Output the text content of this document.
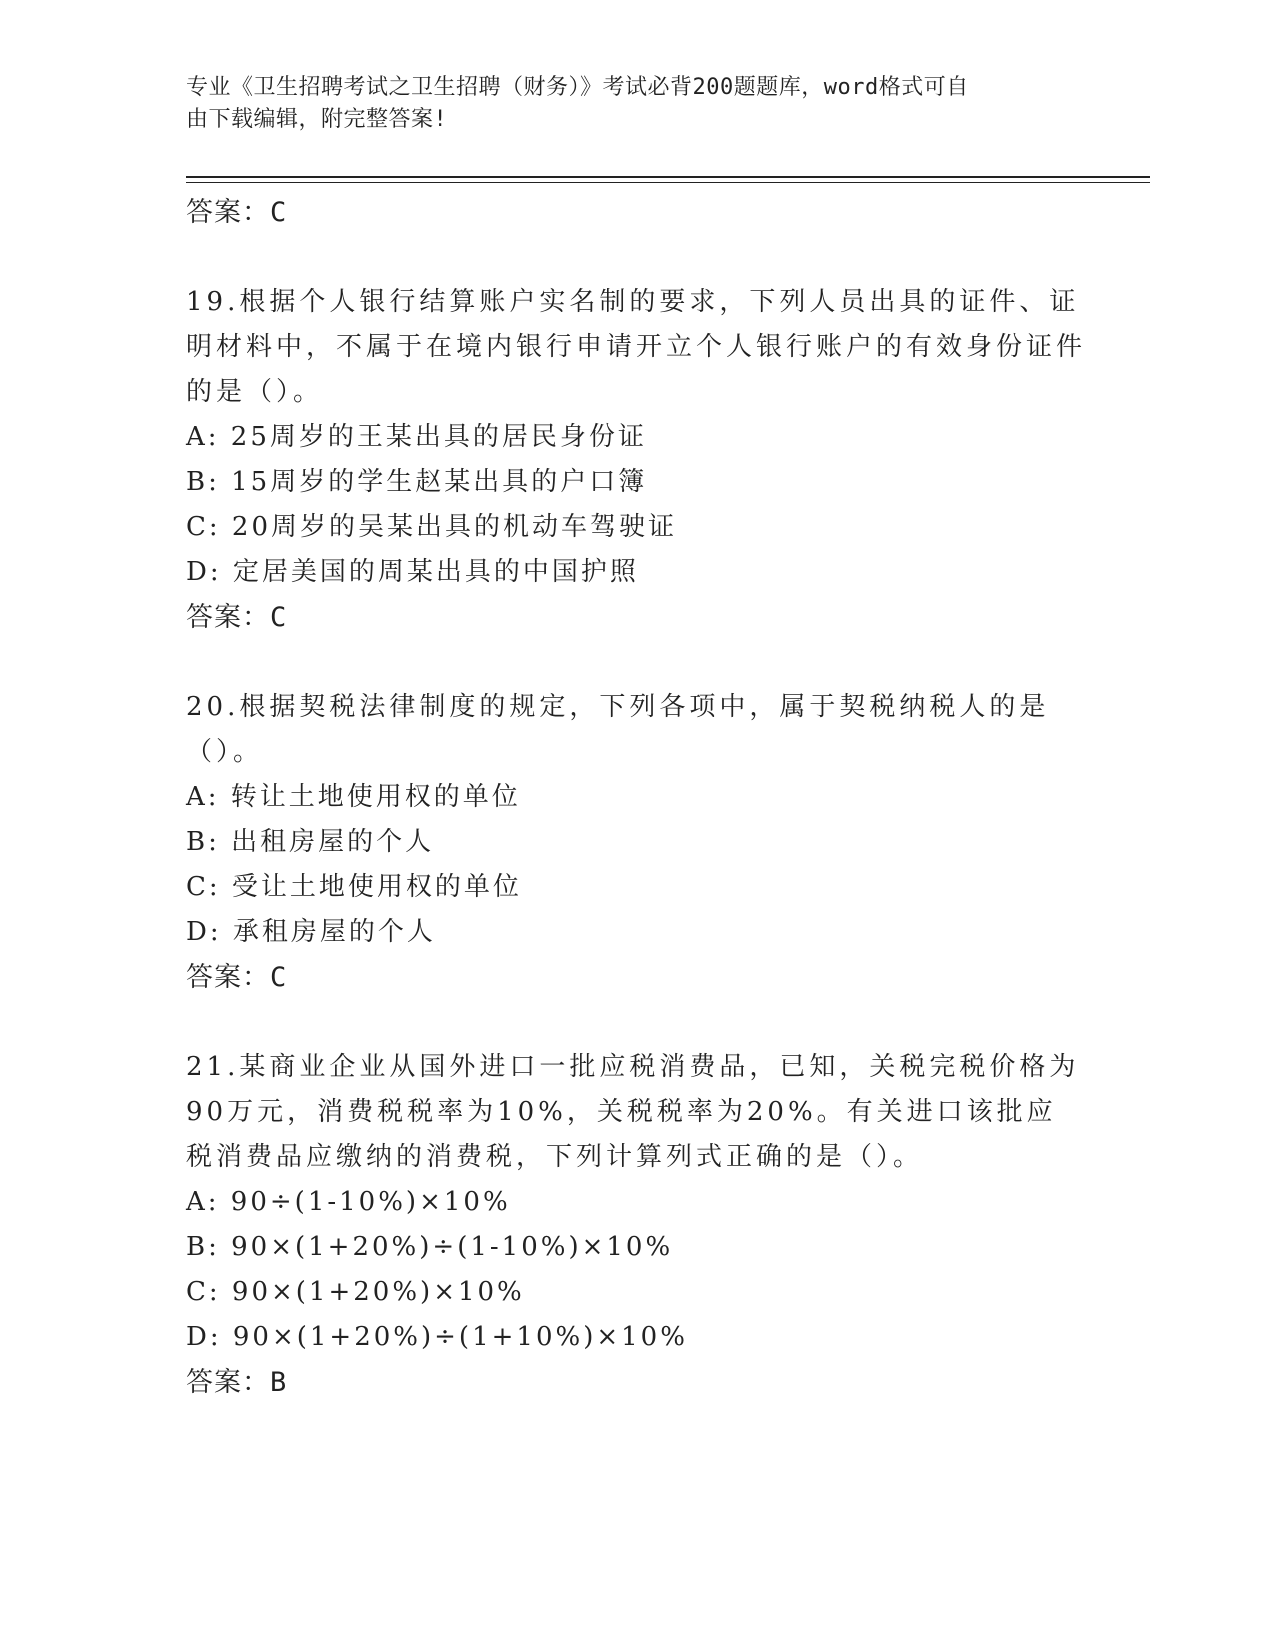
专业《卫生招聘考试之卫生招聘（财务）》考试必背200题题库，word格式可自
由下载编辑，附完整答案!
答案：C
19.根据个人银行结算账户实名制的要求，下列人员出具的证件、证明材料中，不属于在境内银行申请开立个人银行账户的有效身份证件的是（）。
A: 25周岁的王某出具的居民身份证
B: 15周岁的学生赵某出具的户口簿
C: 20周岁的吴某出具的机动车驾驶证
D: 定居美国的周某出具的中国护照
答案：C
20.根据契税法律制度的规定，下列各项中，属于契税纳税人的是（）。
A: 转让土地使用权的单位
B: 出租房屋的个人
C: 受让土地使用权的单位
D: 承租房屋的个人
答案：C
21.某商业企业从国外进口一批应税消费品，已知，关税完税价格为90万元，消费税税率为10%，关税税率为20%。有关进口该批应税消费品应缴纳的消费税，下列计算列式正确的是（）。
A: 90÷(1-10%)×10%
B: 90×(1+20%)÷(1-10%)×10%
C: 90×(1+20%)×10%
D: 90×(1+20%)÷(1+10%)×10%
答案：B
